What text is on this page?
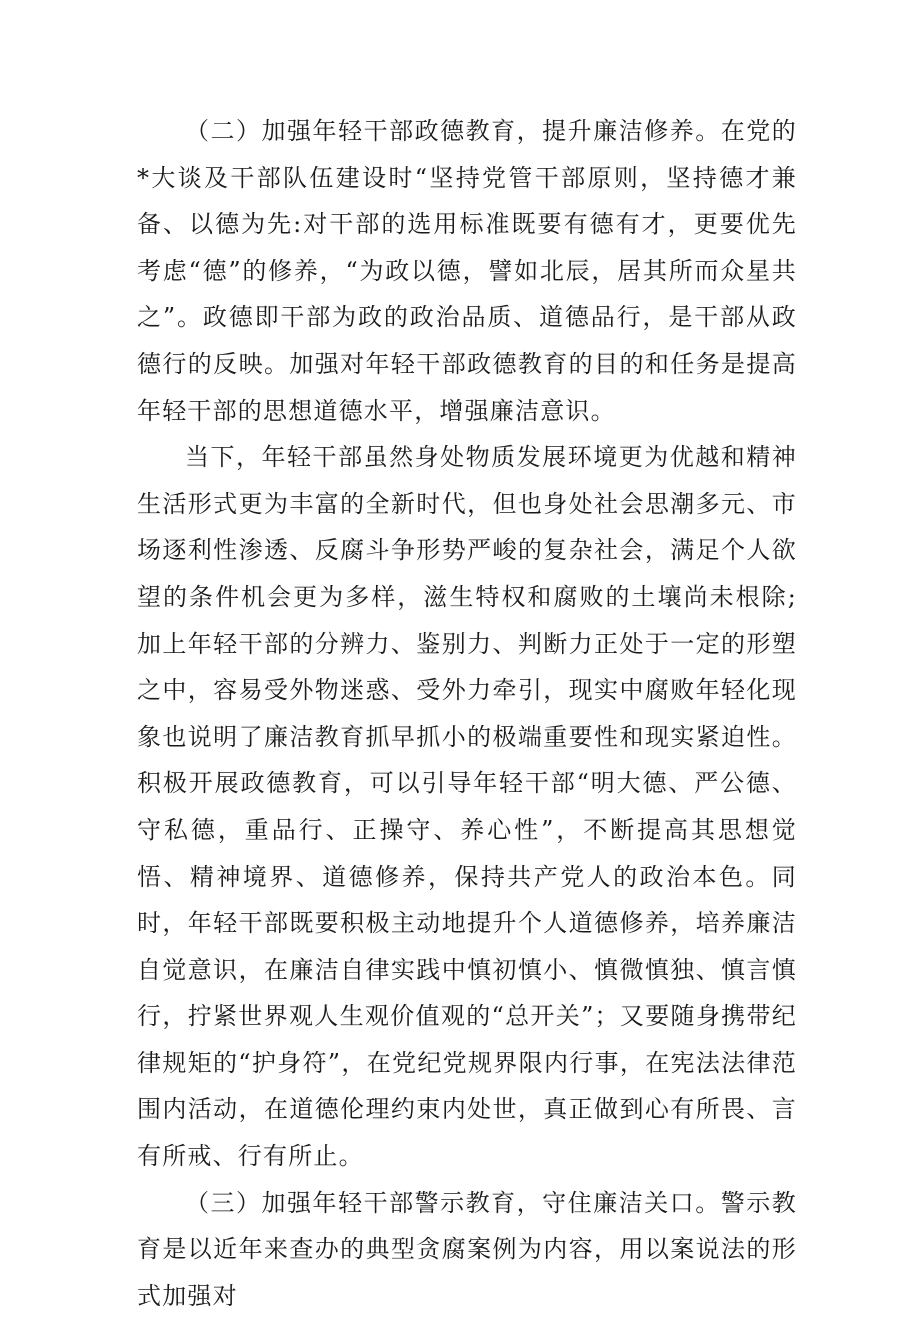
（二）加强年轻干部政德教育，提升廉洁修养。在党的*大谈及干部队伍建设时“坚持党管干部原则，坚持德才兼备、以德为先:对干部的选用标准既要有德有才，更要优先考虑“德”的修养，“为政以德，譬如北辰，居其所而众星共之”。政德即干部为政的政治品质、道德品行，是干部从政德行的反映。加强对年轻干部政德教育的目的和任务是提高年轻干部的思想道德水平，增强廉洁意识。

当下，年轻干部虽然身处物质发展环境更为优越和精神生活形式更为丰富的全新时代，但也身处社会思潮多元、市场逐利性渗透、反腐斗争形势严峻的复杂社会，满足个人欲望的条件机会更为多样，滋生特权和腐败的土壤尚未根除;加上年轻干部的分辨力、鉴别力、判断力正处于一定的形塑之中，容易受外物迷惑、受外力牵引，现实中腐败年轻化现象也说明了廉洁教育抓早抓小的极端重要性和现实紧迫性。积极开展政德教育，可以引导年轻干部“明大德、严公德、守私德，重品行、正操守、养心性”，不断提高其思想觉悟、精神境界、道德修养，保持共产党人的政治本色。同时，年轻干部既要积极主动地提升个人道德修养，培养廉洁自觉意识，在廉洁自律实践中慎初慎小、慎微慎独、慎言慎行，拧紧世界观人生观价值观的“总开关”；又要随身携带纪律规矩的“护身符”，在党纪党规界限内行事，在宪法法律范围内活动，在道德伦理约束内处世，真正做到心有所畏、言有所戒、行有所止。

（三）加强年轻干部警示教育，守住廉洁关口。警示教育是以近年来查办的典型贪腐案例为内容，用以案说法的形式加强对
